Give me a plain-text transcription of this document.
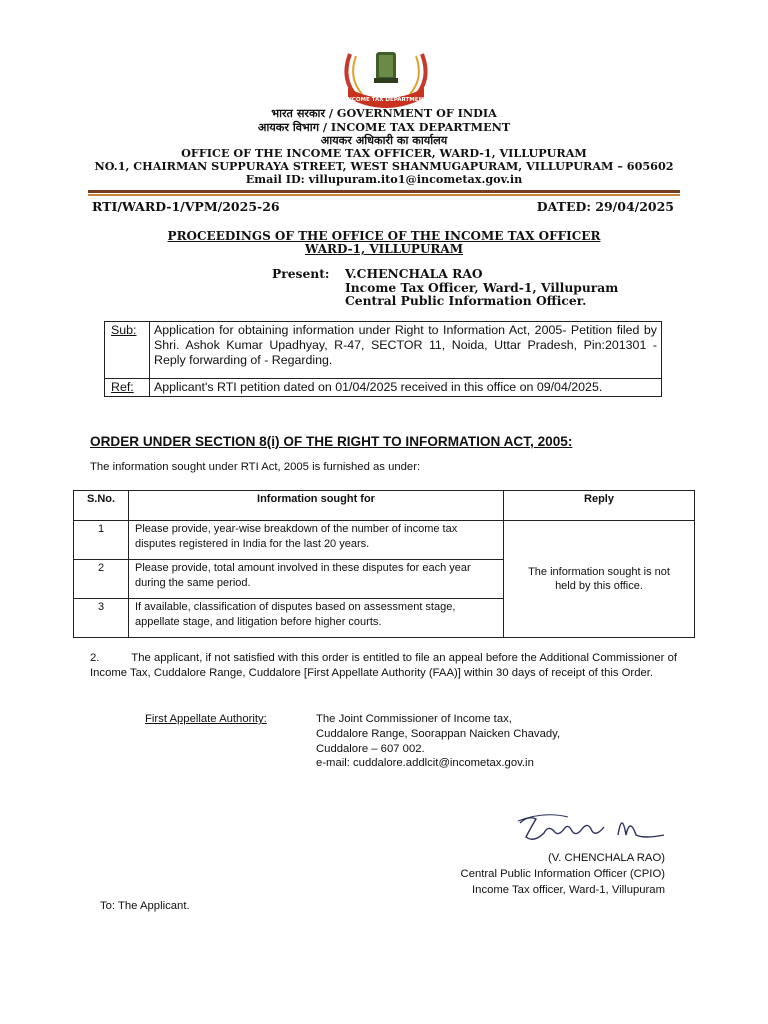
INCOME TAX DEPARTMENT
भारत सरकार / GOVERNMENT OF INDIA
आयकर विभाग / INCOME TAX DEPARTMENT
आयकर अधिकारी का कार्यालय
OFFICE OF THE INCOME TAX OFFICER, WARD-1, VILLUPURAM
NO.1, CHAIRMAN SUPPURAYA STREET, WEST SHANMUGAPURAM, VILLUPURAM – 605602
Email ID: villupuram.ito1@incometax.gov.in
RTI/WARD-1/VPM/2025-26	DATED: 29/04/2025
PROCEEDINGS OF THE OFFICE OF THE INCOME TAX OFFICER
WARD-1, VILLUPURAM
Present: V.CHENCHALA RAO
Income Tax Officer, Ward-1, Villupuram
Central Public Information Officer.
Sub:	Application for obtaining information under Right to Information Act, 2005- Petition filed by Shri. Ashok Kumar Upadhyay, R-47, SECTOR 11, Noida, Uttar Pradesh, Pin:201301 - Reply forwarding of - Regarding.
Ref:	Applicant's RTI petition dated on 01/04/2025 received in this office on 09/04/2025.
ORDER UNDER SECTION 8(i) OF THE RIGHT TO INFORMATION ACT, 2005:
The information sought under RTI Act, 2005 is furnished as under:
S.No.	Information sought for	Reply
1	Please provide, year-wise breakdown of the number of income tax disputes registered in India for the last 20 years.	The information sought is not held by this office.
2	Please provide, total amount involved in these disputes for each year during the same period.	
3	If available, classification of disputes based on assessment stage, appellate stage, and litigation before higher courts.	
2.          The applicant, if not satisfied with this order is entitled to file an appeal before the Additional Commissioner of Income Tax, Cuddalore Range, Cuddalore [First Appellate Authority (FAA)] within 30 days of receipt of this Order.
First Appellate Authority:	The Joint Commissioner of Income tax,
Cuddalore Range, Soorappan Naicken Chavady,
Cuddalore – 607 002.
e-mail: cuddalore.addlcit@incometax.gov.in
(V. CHENCHALA RAO)
Central Public Information Officer (CPIO)
Income Tax officer, Ward-1, Villupuram
To: The Applicant.
